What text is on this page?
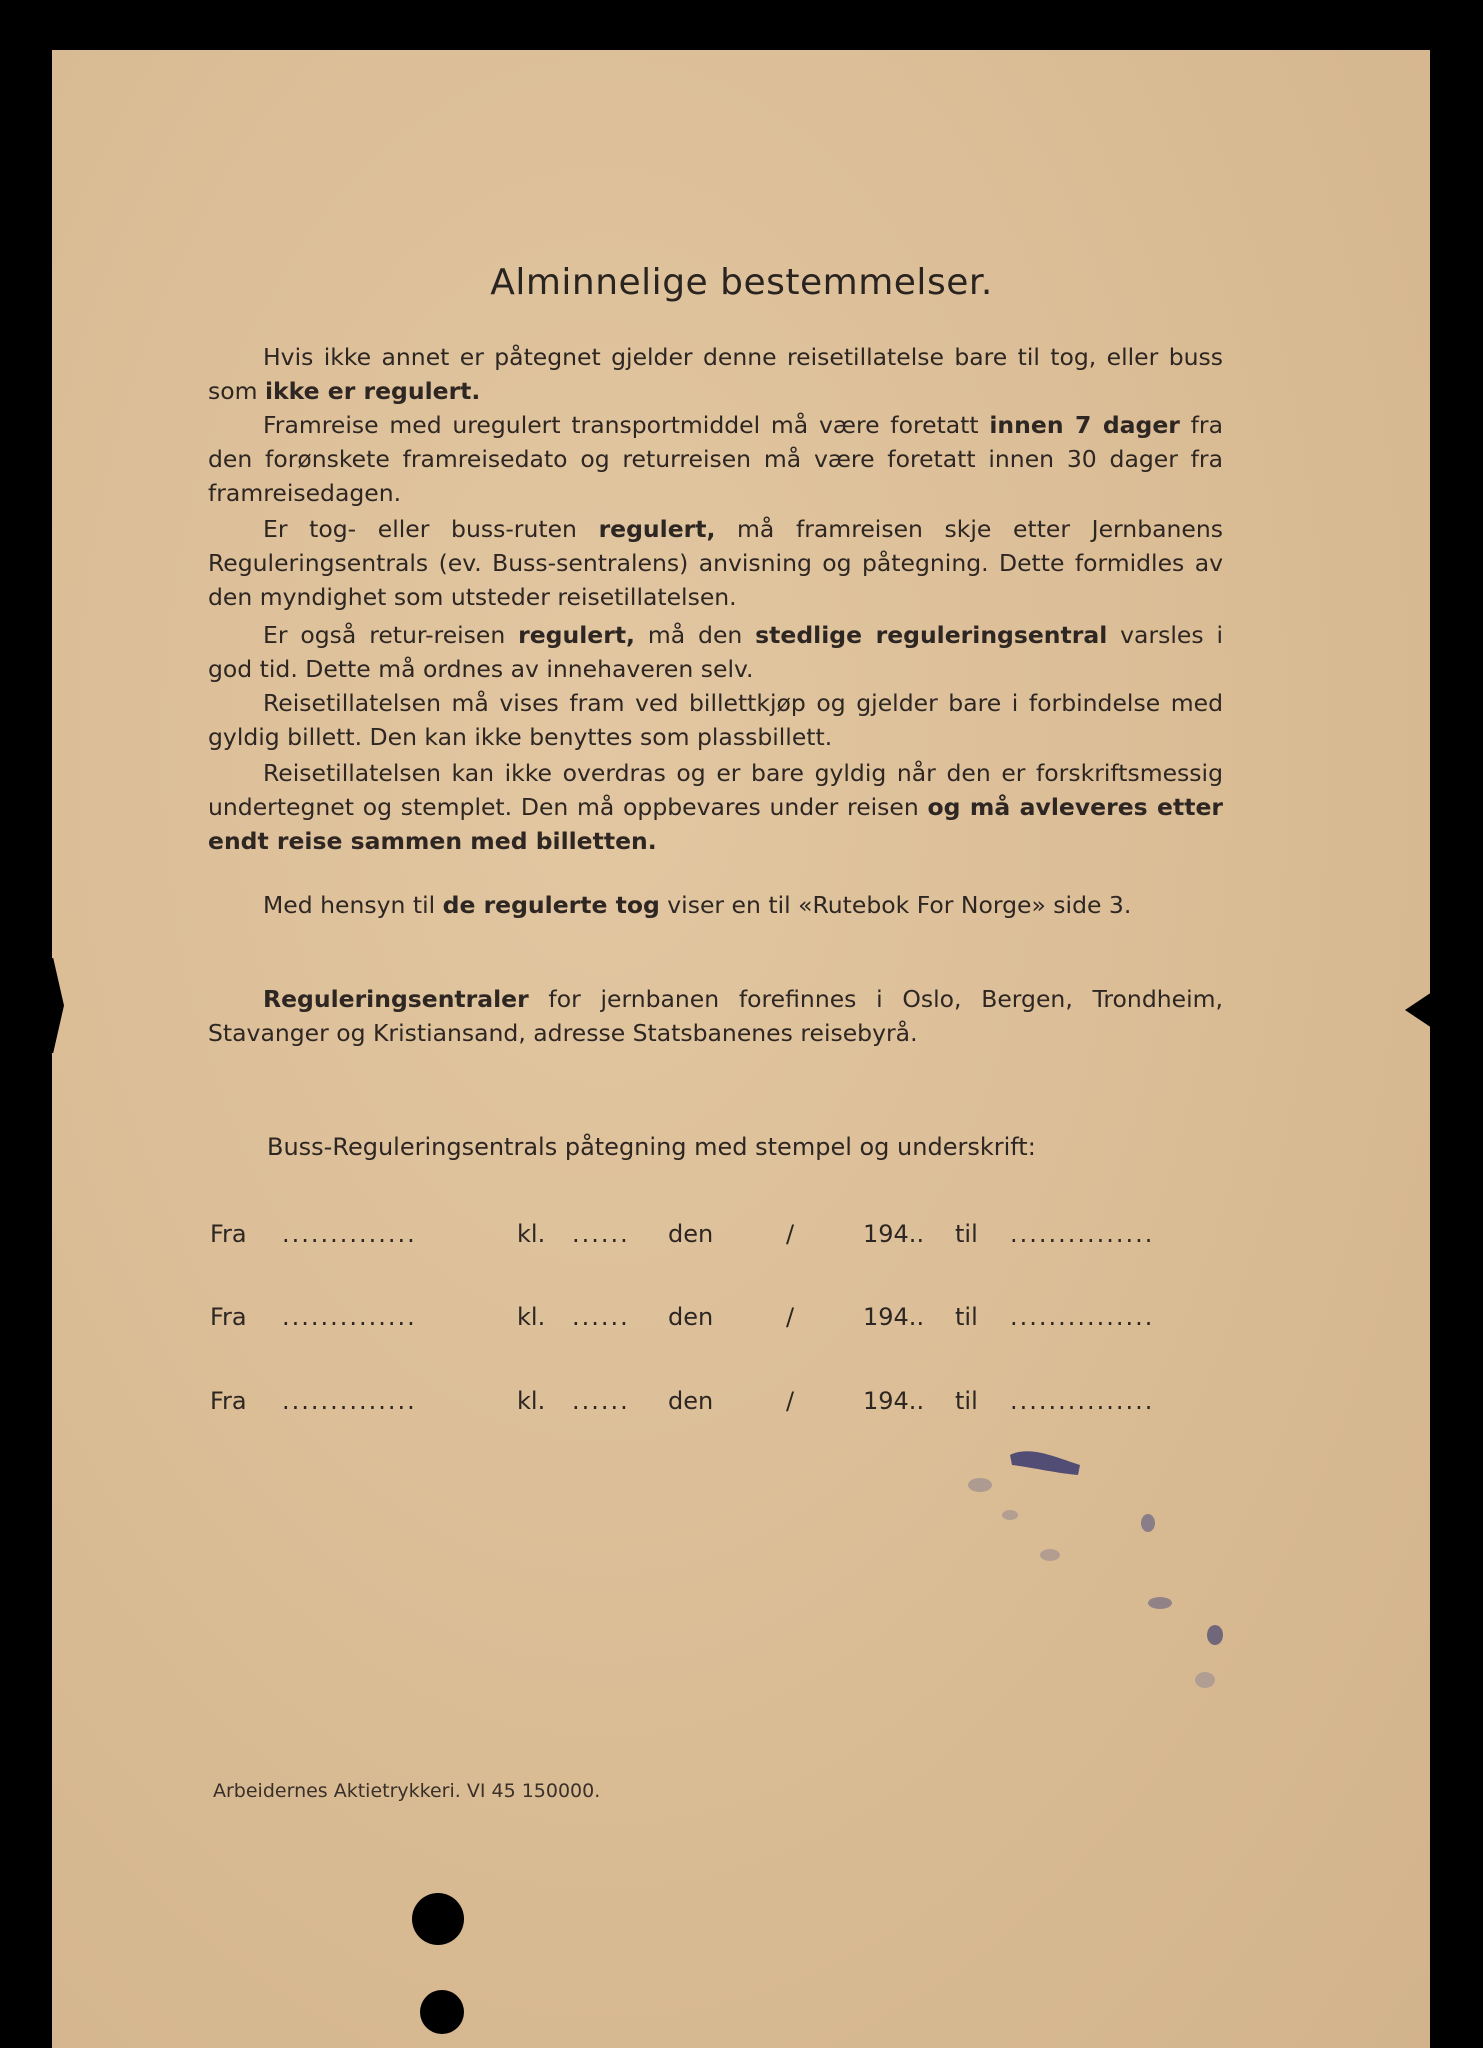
Alminnelige bestemmelser.

Hvis ikke annet er påtegnet gjelder denne reisetillatelse bare til tog, eller buss som ikke er regulert.

Framreise med uregulert transportmiddel må være foretatt innen 7 dager fra den forønskete framreisedato og returreisen må være foretatt innen 30 dager fra framreisedagen.

Er tog- eller buss-ruten regulert, må framreisen skje etter Jernbanens Reguleringsentrals (ev. Buss-sentralens) anvisning og påtegning. Dette formidles av den myndighet som utsteder reisetillatelsen.

Er også retur-reisen regulert, må den stedlige reguleringsentral varsles i god tid. Dette må ordnes av innehaveren selv.

Reisetillatelsen må vises fram ved billettkjøp og gjelder bare i forbindelse med gyldig billett. Den kan ikke benyttes som plassbillett.

Reisetillatelsen kan ikke overdras og er bare gyldig når den er forskriftsmessig undertegnet og stemplet. Den må oppbevares under reisen og må avleveres etter endt reise sammen med billetten.

Med hensyn til de regulerte tog viser en til «Rutebok For Norge» side 3.

Reguleringsentraler for jernbanen forefinnes i Oslo, Bergen, Trondheim, Stavanger og Kristiansand, adresse Statsbanenes reisebyrå.

Buss-Reguleringsentrals påtegning med stempel og underskrift:

Fra ..............	kl. ...... den	/	194.. til ...............
Fra ..............	kl. ...... den	/	194.. til ...............
Fra ..............	kl. ...... den	/	194.. til ...............

Arbeidernes Aktietrykkeri. VI 45 150000.
